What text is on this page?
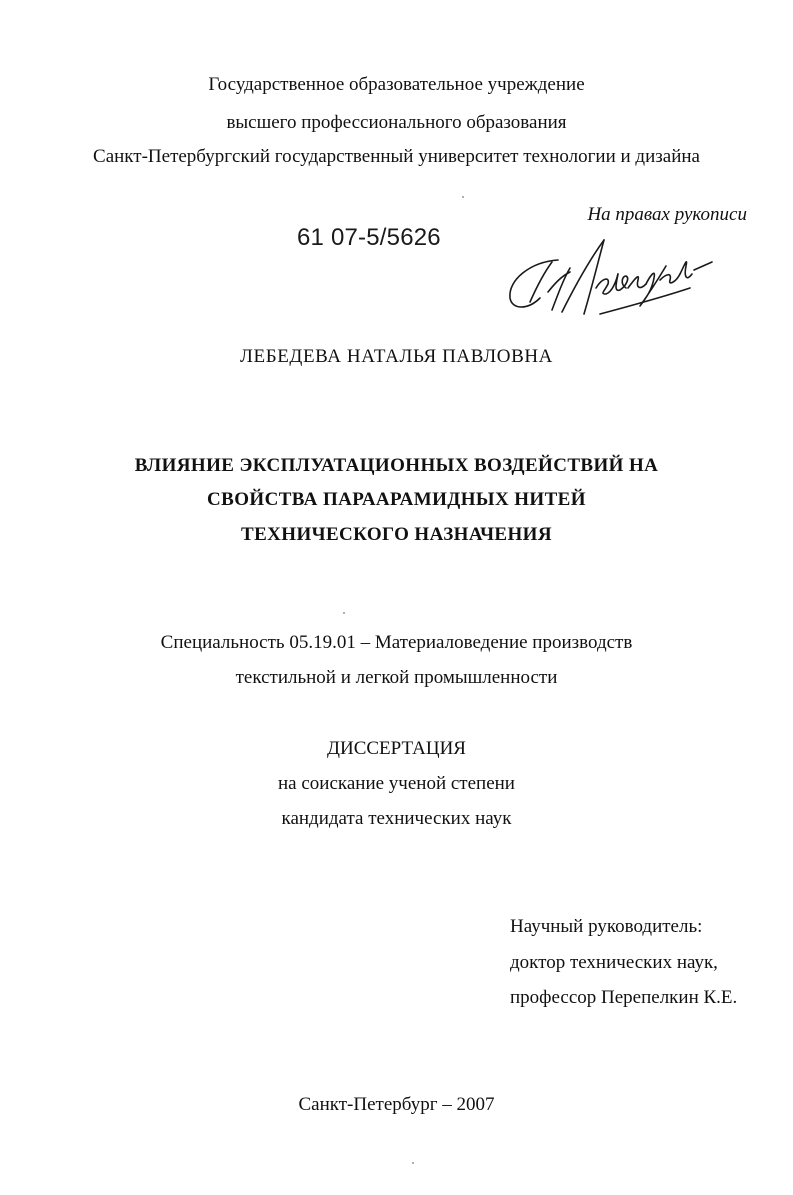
Государственное образовательное учреждение
высшего профессионального образования
Санкт-Петербургский государственный университет технологии и дизайна
На правах рукописи
61 07-5/5626
ЛЕБЕДЕВА НАТАЛЬЯ ПАВЛОВНА
ВЛИЯНИЕ ЭКСПЛУАТАЦИОННЫХ ВОЗДЕЙСТВИЙ НА
СВОЙСТВА ПАРААРАМИДНЫХ НИТЕЙ
ТЕХНИЧЕСКОГО НАЗНАЧЕНИЯ
Специальность 05.19.01 – Материаловедение производств
текстильной и легкой промышленности
ДИССЕРТАЦИЯ
на соискание ученой степени
кандидата технических наук
Научный руководитель:
доктор технических наук,
профессор Перепелкин К.Е.
Санкт-Петербург – 2007
